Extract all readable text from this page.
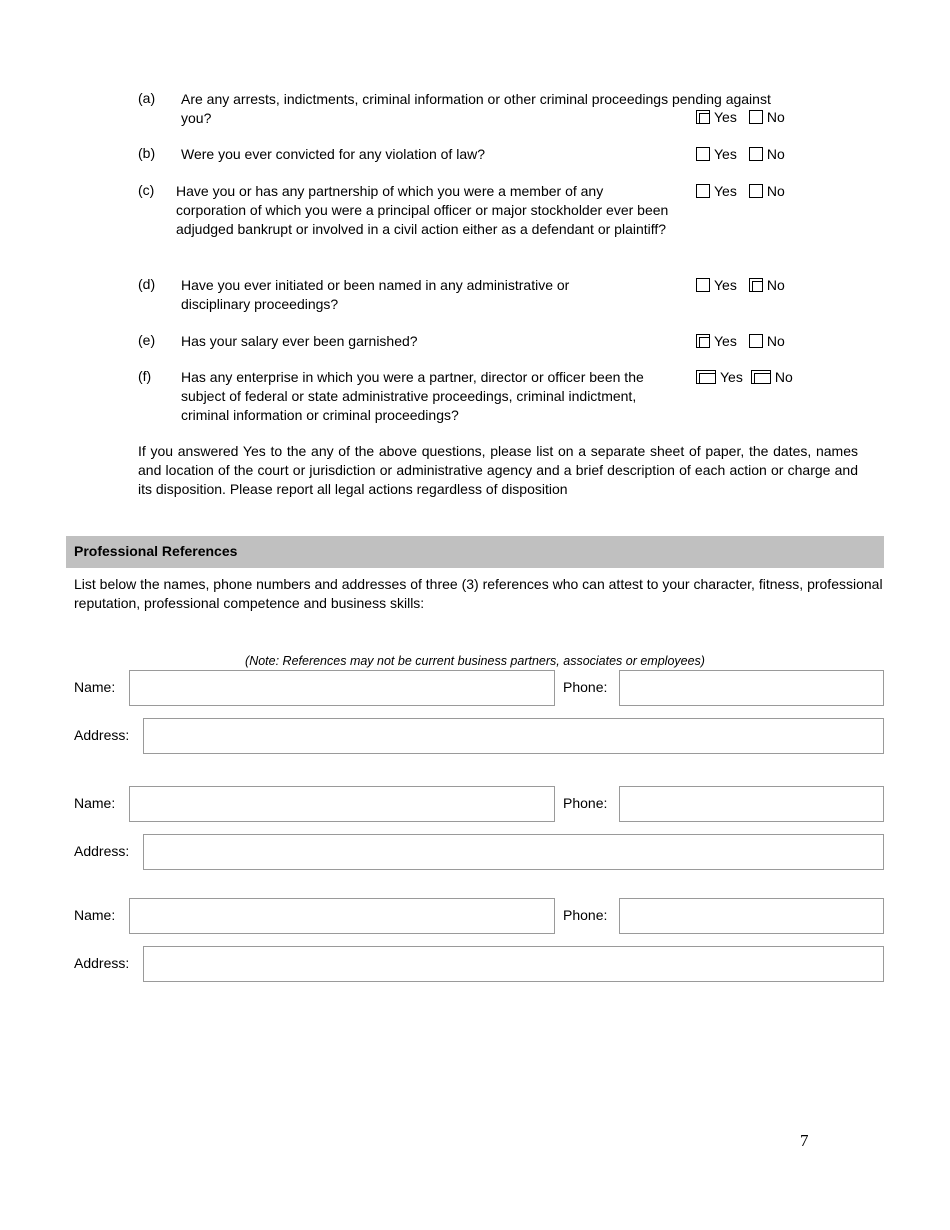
(a) Are any arrests, indictments, criminal information or other criminal proceedings pending against you?	Yes No
(b) Were you ever convicted for any violation of law?	Yes No
(c) Have you or has any partnership of which you were a member of any corporation of which you were a principal officer or major stockholder ever been adjudged bankrupt or involved in a civil action either as a defendant or plaintiff?
Yes No
(d) Have you ever initiated or been named in any administrative or disciplinary proceedings?
Yes No
(e) Has your salary ever been garnished?	Yes No
(f) Has any enterprise in which you were a partner, director or officer been the subject of federal or state administrative proceedings, criminal indictment, criminal information or criminal proceedings?
Yes No
If you answered Yes to the any of the above questions, please list on a separate sheet of paper, the dates, names and location of the court or jurisdiction or administrative agency and a brief description of each action or charge and its disposition. Please report all legal actions regardless of disposition
Professional References
List below the names, phone numbers and addresses of three (3) references who can attest to your character, fitness, professional reputation, professional competence and business skills:
(Note: References may not be current business partners, associates or employees)
Name:	Phone:
Address:
Name:	Phone:
Address:
Name:	Phone:
Address:
7
